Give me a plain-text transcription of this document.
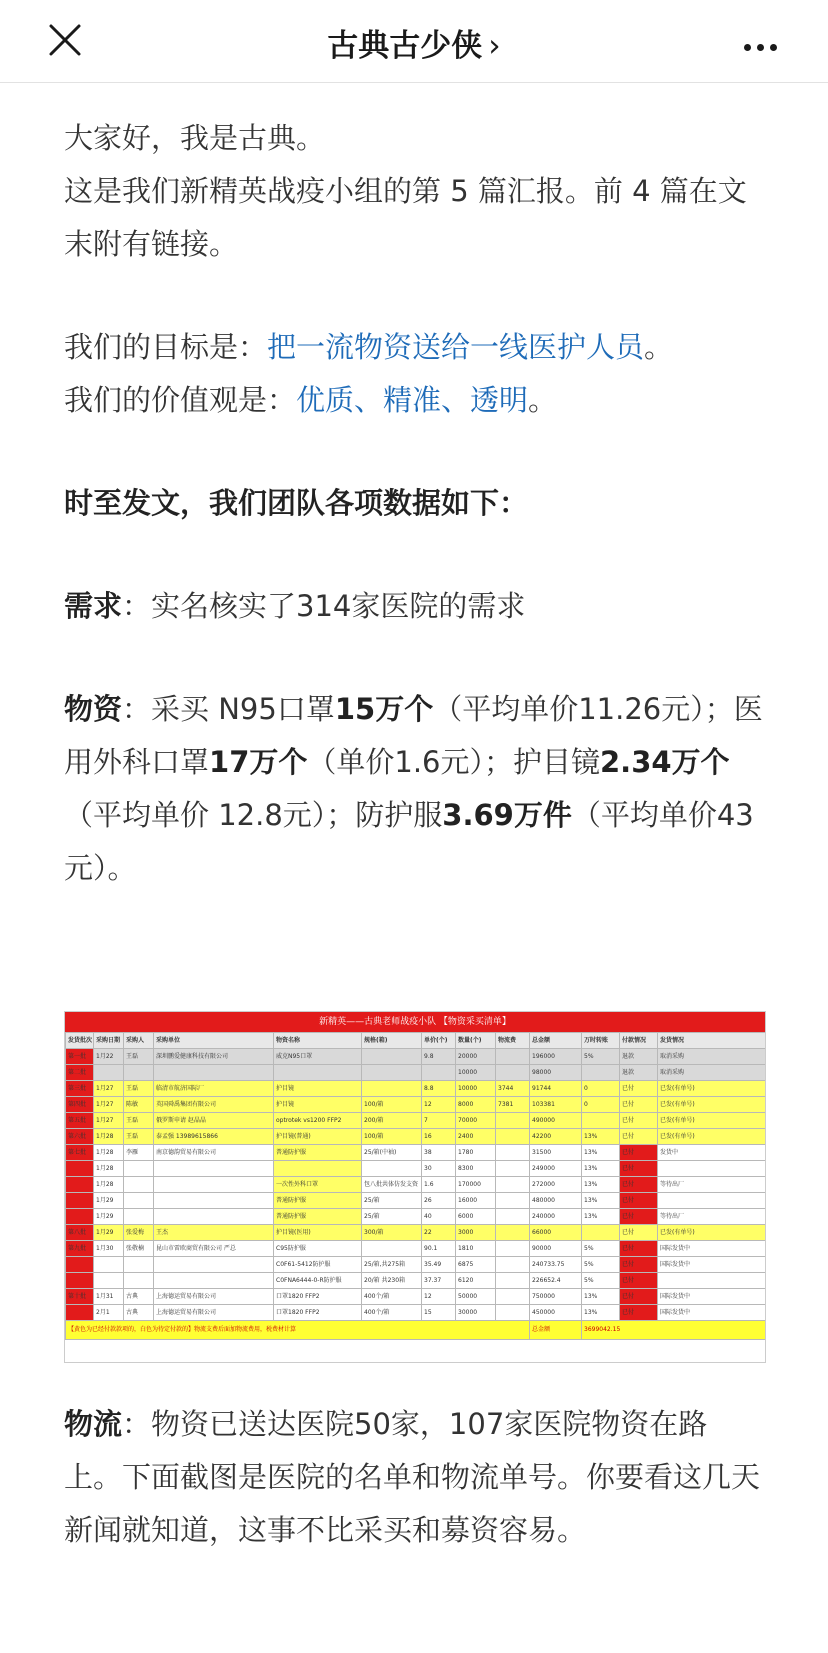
古典古少侠 ›

大家好，我是古典。

这是我们新精英战疫小组的第 5 篇汇报。前 4 篇在文末附有链接。

我们的目标是：把一流物资送给一线医护人员。

我们的价值观是：优质、精准、透明。

时至发文，我们团队各项数据如下：

需求：实名核实了314家医院的需求

物资：采买 N95口罩15万个（平均单价11.26元）；医用外科口罩17万个（单价1.6元）；护目镜2.34万个（平均单价 12.8元）；防护服3.69万件（平均单价43元）。

新精英——古典老师战疫小队 【物资采买清单】
发货批次	采购日期	采购人	采购单位	物资名称	规格(箱)	单价(个)	数量(个)	物流费	总金额	万时转账	付款情况	发货情况
第一批	1月22	王磊	深圳鹏爱健康科技有限公司	威克N95口罩		9.8	20000		196000	5%	退款	取消采购
第二批							10000		98000		退款	取消采购
第三批	1月27	王磊	临清市航济国际厂	护目镜		8.8	10000	3744	91744	0	已付	已发(有单号)
第四批	1月27	陈敏	英国舜禹集团有限公司	护目镜	100/箱	12	8000	7381	103381	0	已付	已发(有单号)
第五批	1月27	王磊	俄罗斯申请 赵晶晶	optrotek vs1200 FFP2	200/箱	7	70000		490000		已付	已发(有单号)
第六批	1月28	王磊	泰孟强 13989615866	护目镜(普通)	100/箱	16	2400		42200	13%	已付	已发(有单号)
第七批	1月28	李雁	南京德韵贸易有限公司	普通防护服	25/箱(中袖)	38	1780		31500	13%	已付	发货中
	1月28					30	8300		249000	13%	已付	
	1月28			一次性外科口罩	包八批共体仿发支资	1.6	170000		272000	13%	已付	等待出厂
	1月29			普通防护服	25/箱	26	16000		480000	13%	已付	
	1月29			普通防护服	25/箱	40	6000		240000	13%	已付	等待出厂
第八批	1月29	张爱梅	王杰	护目镜(医用)	300/箱	22	3000		66000		已付	已发(有单号)
第九批	1月30	张敬楠	昆山市雷欧商贸有限公司 严总	C95防护服		90.1	1810		90000	5%	已付	国际发货中
				C0F61-5412防护服	25/箱,共275箱	35.49	6875		240733.75	5%	已付	国际发货中
				C0FNA6444-0-R防护服	20/箱 共230箱	37.37	6120		226652.4	5%	已付	
第十批	1月31	古典	上海德运贸易有限公司	口罩1820 FFP2	400个/箱	12	50000		750000	13%	已付	国际发货中
	2月1	古典	上海德运贸易有限公司	口罩1820 FFP2	400个/箱	15	30000		450000	13%	已付	国际发货中
【黄色为已经付款款项的，白色为待定付款的】物流支费后面加物流费用，税费材计算									总金额	3699042.15		

物流：物资已送达医院50家，107家医院物资在路上。下面截图是医院的名单和物流单号。你要看这几天新闻就知道，这事不比采买和募资容易。
